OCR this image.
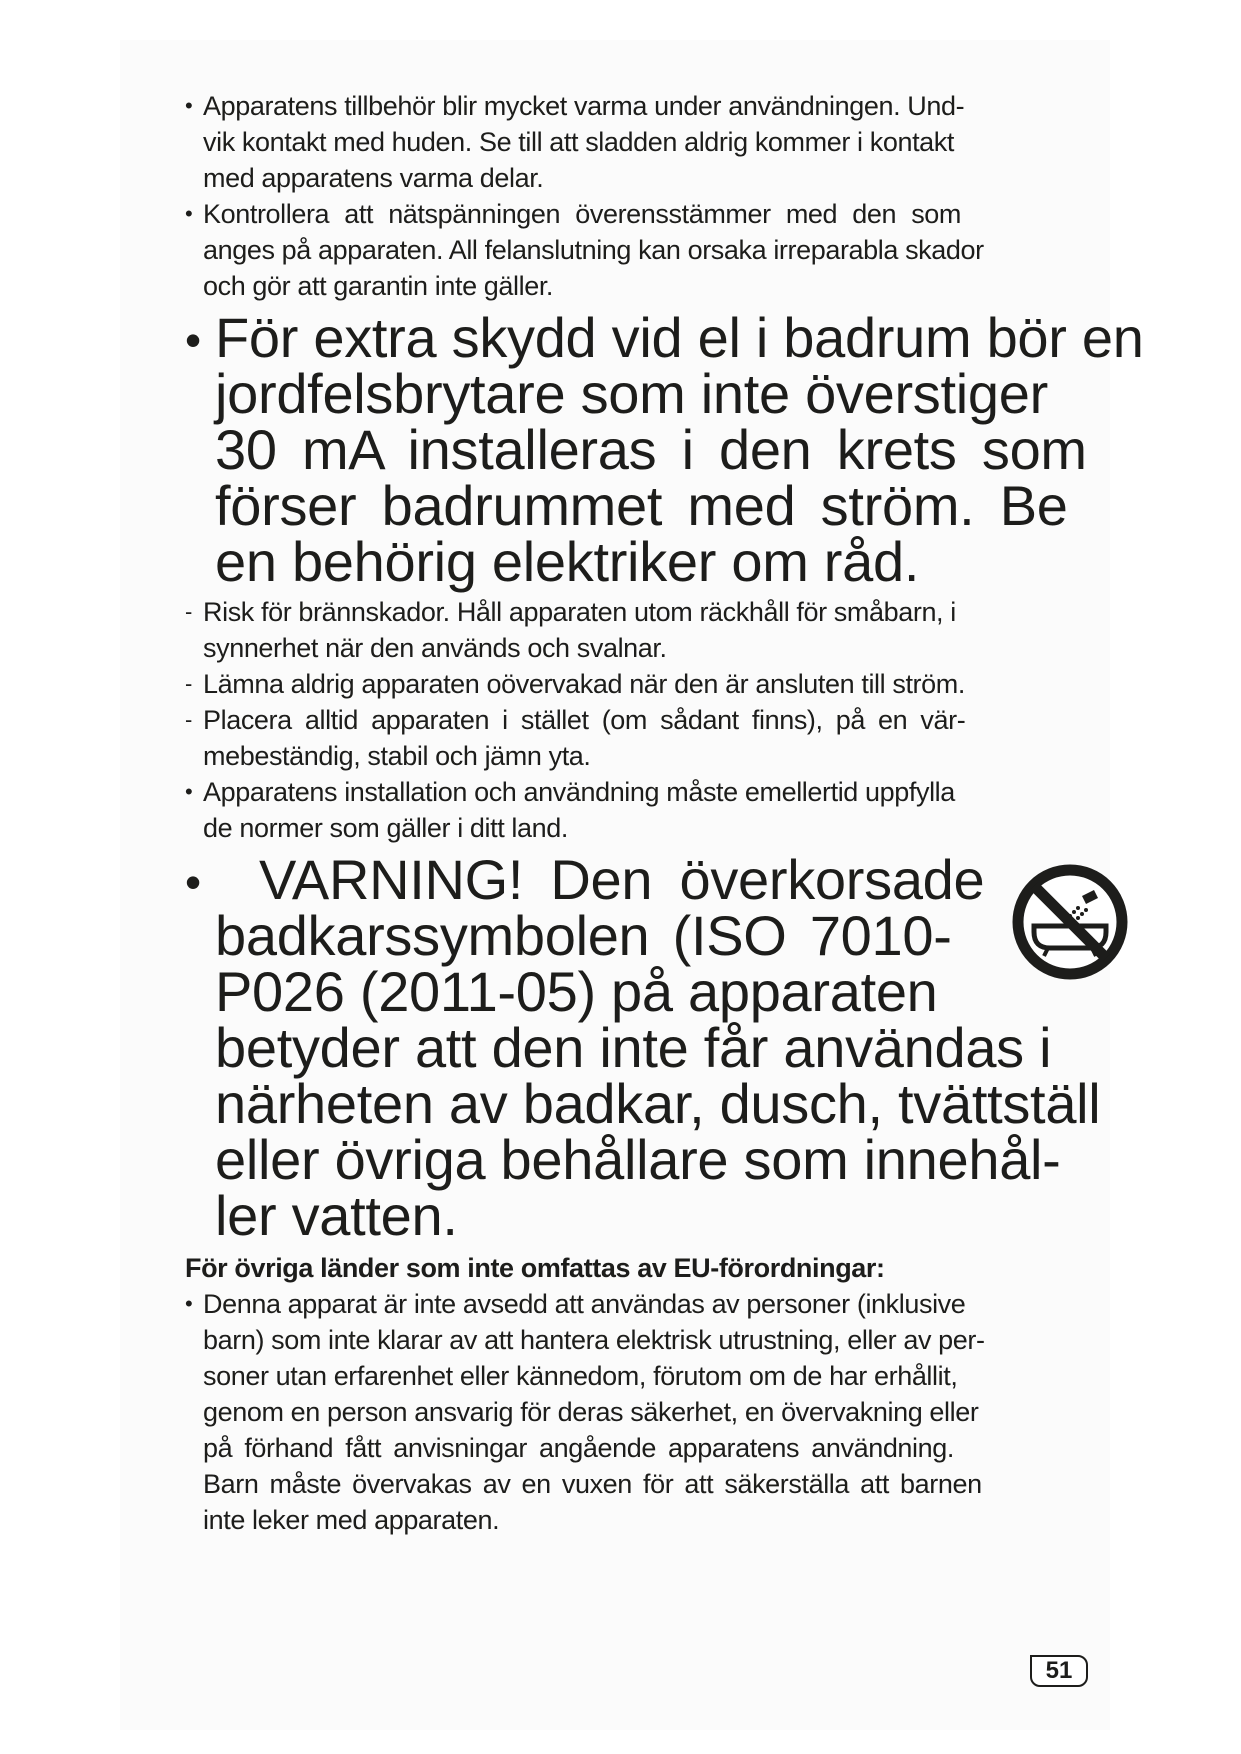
• Apparatens tillbehör blir mycket varma under användningen. Und-
vik kontakt med huden. Se till att sladden aldrig kommer i kontakt
med apparatens varma delar.
• Kontrollera att nätspänningen överensstämmer med den som
anges på apparaten. All felanslutning kan orsaka irreparabla skador
och gör att garantin inte gäller.
• För extra skydd vid el i badrum bör en
jordfelsbrytare som inte överstiger
30 mA installeras i den krets som
förser badrummet med ström. Be
en behörig elektriker om råd.
- Risk för brännskador. Håll apparaten utom räckhåll för småbarn, i
synnerhet när den används och svalnar.
- Lämna aldrig apparaten oövervakad när den är ansluten till ström.
- Placera alltid apparaten i stället (om sådant finns), på en vär-
mebeständig, stabil och jämn yta.
• Apparatens installation och användning måste emellertid uppfylla
de normer som gäller i ditt land.
•	VARNING! Den överkorsade
badkarssymbolen (ISO 7010-
P026 (2011-05) på apparaten
betyder att den inte får användas i
närheten av badkar, dusch, tvättställ
eller övriga behållare som innehål-
ler vatten.
För övriga länder som inte omfattas av EU-förordningar:
• Denna apparat är inte avsedd att användas av personer (inklusive
barn) som inte klarar av att hantera elektrisk utrustning, eller av per-
soner utan erfarenhet eller kännedom, förutom om de har erhållit,
genom en person ansvarig för deras säkerhet, en övervakning eller
på förhand fått anvisningar angående apparatens användning.
Barn måste övervakas av en vuxen för att säkerställa att barnen
inte leker med apparaten.
51
